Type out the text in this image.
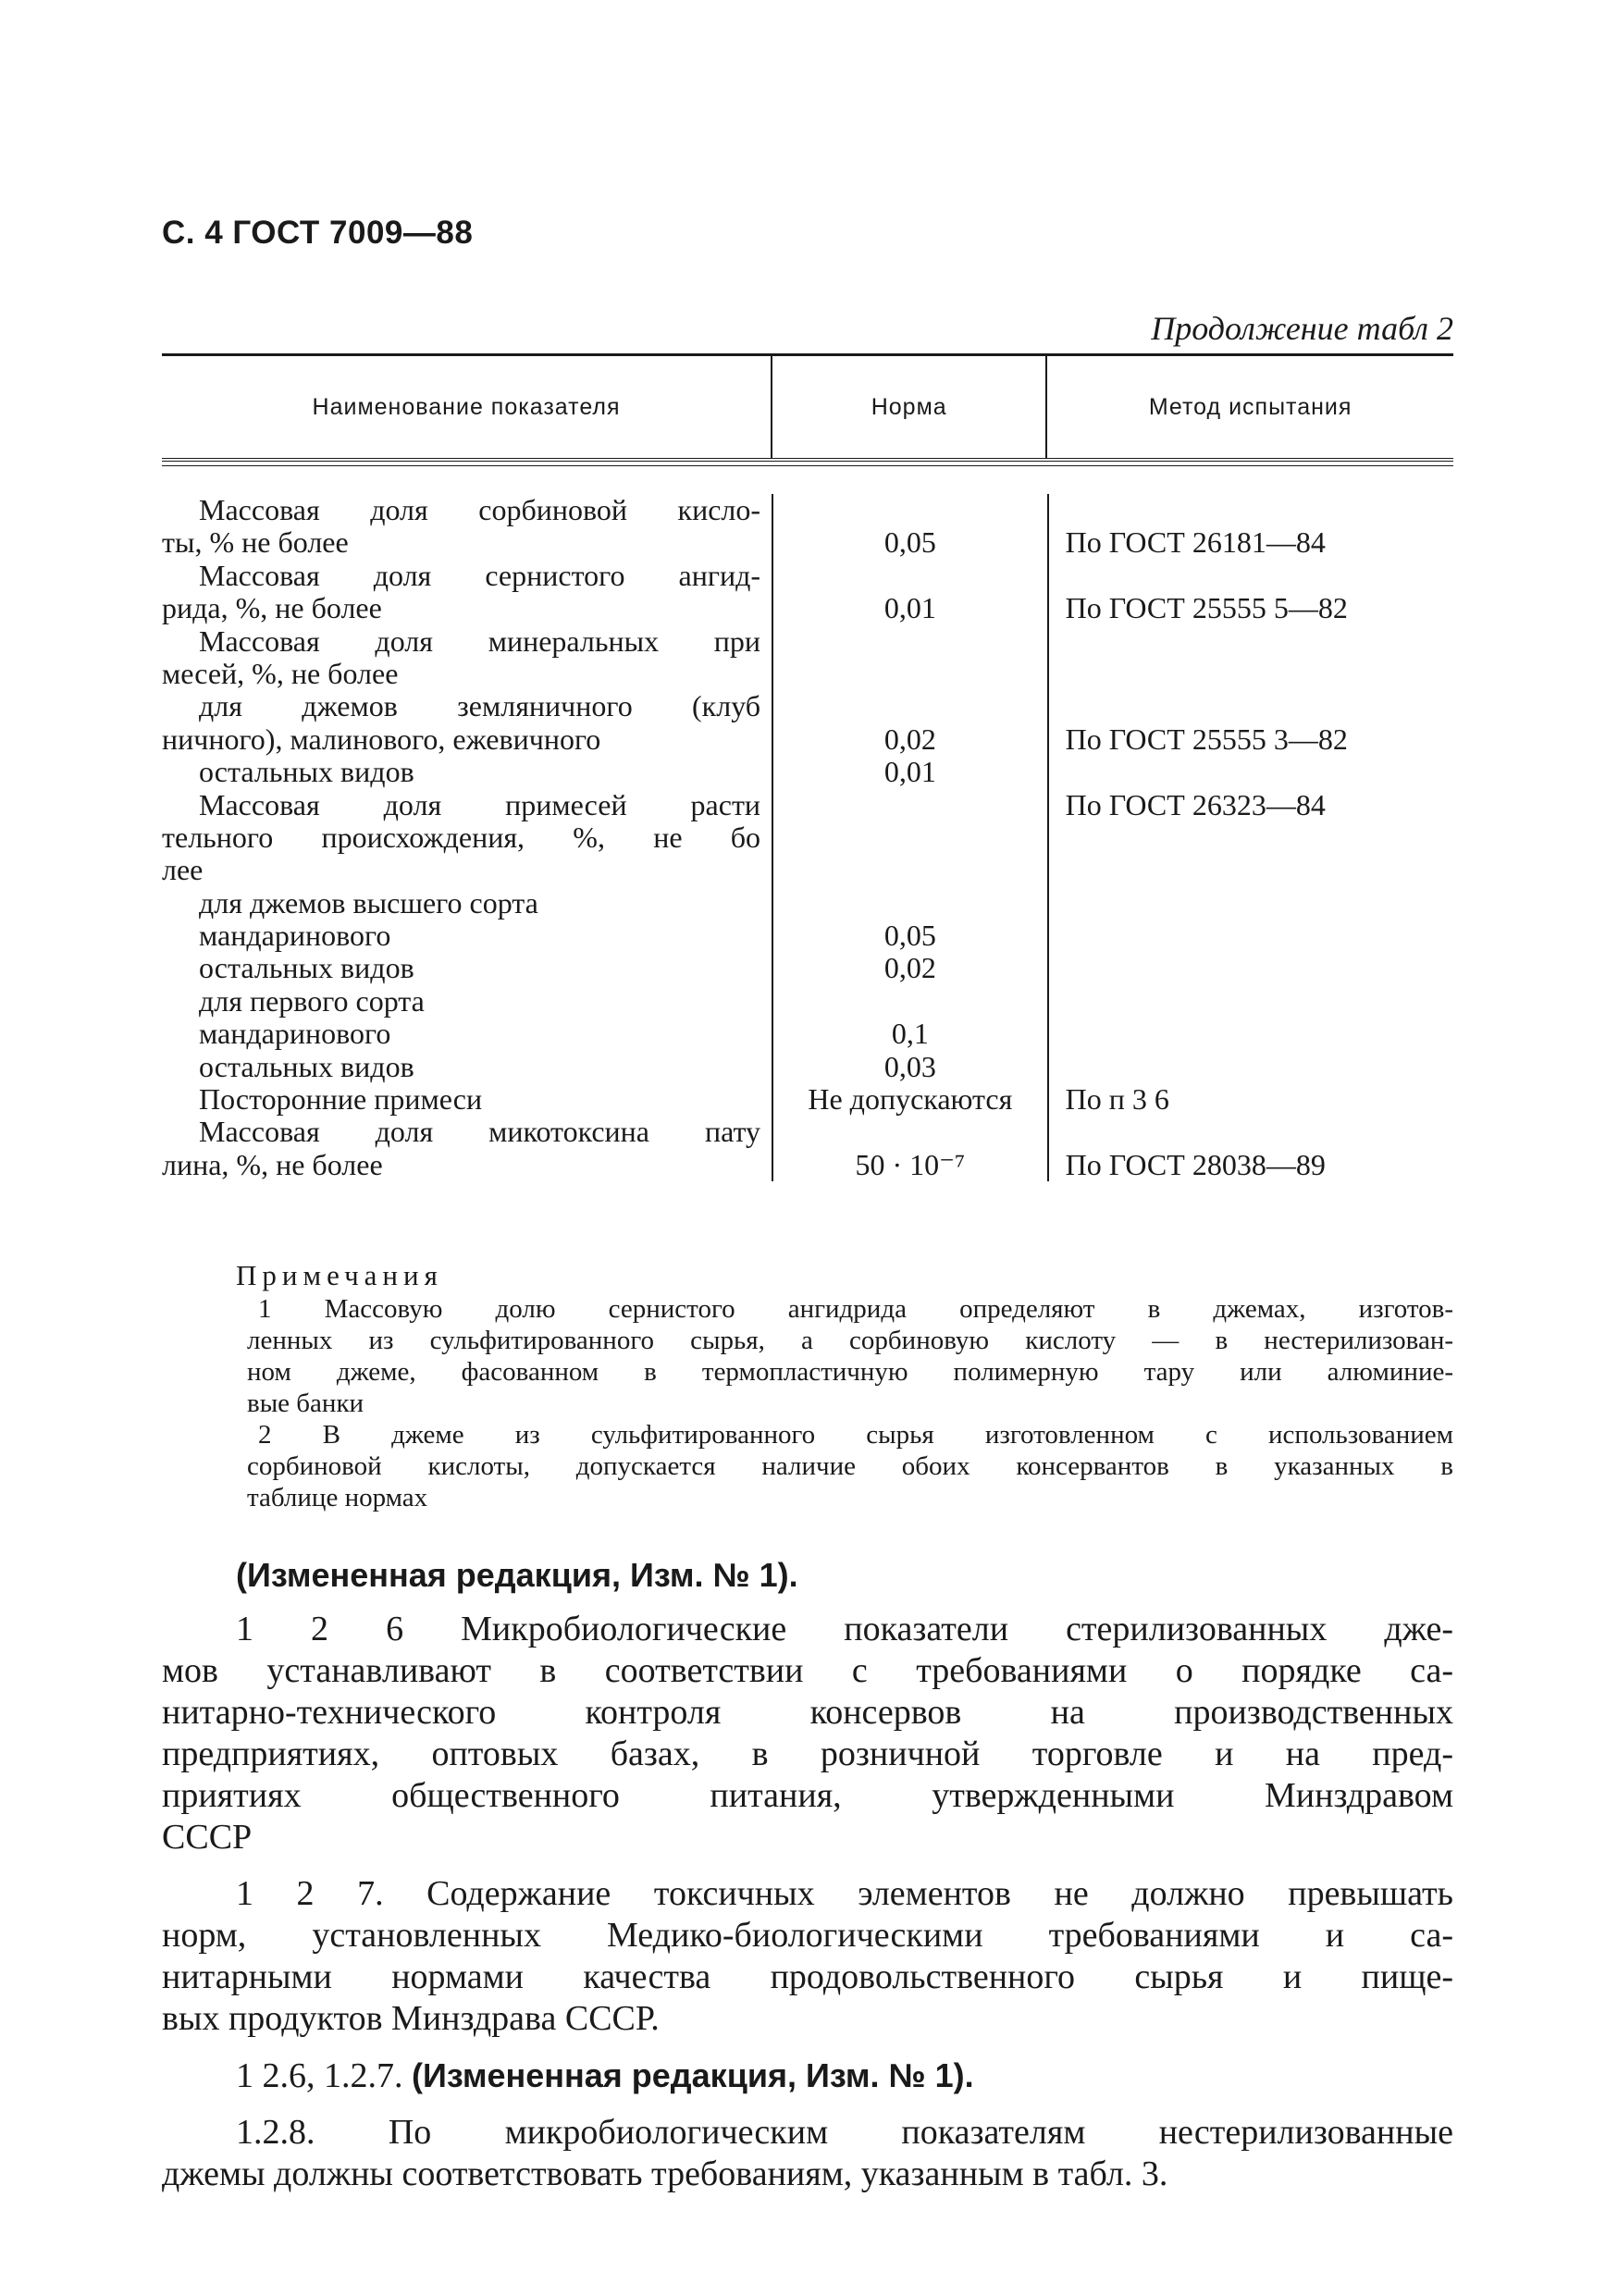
С. 4 ГОСТ 7009—88
Продолжение табл 2
Наименование показателя	Норма	Метод испытания
Массовая доля сорбиновой кисло-
ты, % не более
Массовая доля сернистого ангид-
рида, %, не более
Массовая доля минеральных при
месей, %, не более
для джемов земляничного (клуб
ничного), малинового, ежевичного
остальных видов
Массовая доля примесей расти
тельного происхождения, %, не бо
лее
для джемов высшего сорта
мандаринового
остальных видов
для первого сорта
мандаринового
остальных видов
Посторонние примеси
Массовая доля микотоксина пату
лина, %, не более
0,05
0,01
0,02
0,01
0,05
0,02
0,1
0,03
Не допускаются
50 · 10⁻⁷
По ГОСТ 26181—84
По ГОСТ 25555 5—82
По ГОСТ 25555 3—82
По ГОСТ 26323—84
По п 3 6
По ГОСТ 28038—89
Примечания
1 Массовую долю сернистого ангидрида определяют в джемах, изготов-
ленных из сульфитированного сырья, а сорбиновую кислоту — в нестерилизован-
ном джеме, фасованном в термопластичную полимерную тару или алюминие-
вые банки
2 В джеме из сульфитированного сырья изготовленном с использованием
сорбиновой кислоты, допускается наличие обоих консервантов в указанных в
таблице нормах
(Измененная редакция, Изм. № 1).
1 2 6 Микробиологические показатели стерилизованных дже-
мов устанавливают в соответствии с требованиями о порядке са-
нитарно-технического контроля консервов на производственных
предприятиях, оптовых базах, в розничной торговле и на пред-
приятиях общественного питания, утвержденными Минздравом
СССР
1 2 7. Содержание токсичных элементов не должно превышать
норм, установленных Медико-биологическими требованиями и са-
нитарными нормами качества продовольственного сырья и пище-
вых продуктов Минздрава СССР.
1 2.6, 1.2.7. (Измененная редакция, Изм. № 1).
1.2.8. По микробиологическим показателям нестерилизованные
джемы должны соответствовать требованиям, указанным в табл. 3.
